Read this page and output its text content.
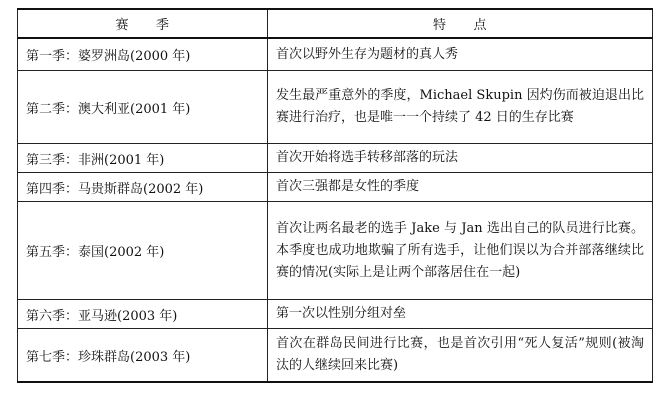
赛　　季	特　　点
第一季：婆罗洲岛(2000 年)	首次以野外生存为题材的真人秀
第二季：澳大利亚(2001 年)	发生最严重意外的季度，Michael Skupin 因灼伤而被迫退出比赛进行治疗，也是唯一一个持续了 42 日的生存比赛
第三季：非洲(2001 年)	首次开始将选手转移部落的玩法
第四季：马贵斯群岛(2002 年)	首次三强都是女性的季度
第五季：泰国(2002 年)	首次让两名最老的选手 Jake 与 Jan 选出自己的队员进行比赛。本季度也成功地欺骗了所有选手，让他们误以为合并部落继续比赛的情况(实际上是让两个部落居住在一起)
第六季：亚马逊(2003 年)	第一次以性别分组对垒
第七季：珍珠群岛(2003 年)	首次在群岛民间进行比赛，也是首次引用“死人复活”规则(被淘汰的人继续回来比赛)
